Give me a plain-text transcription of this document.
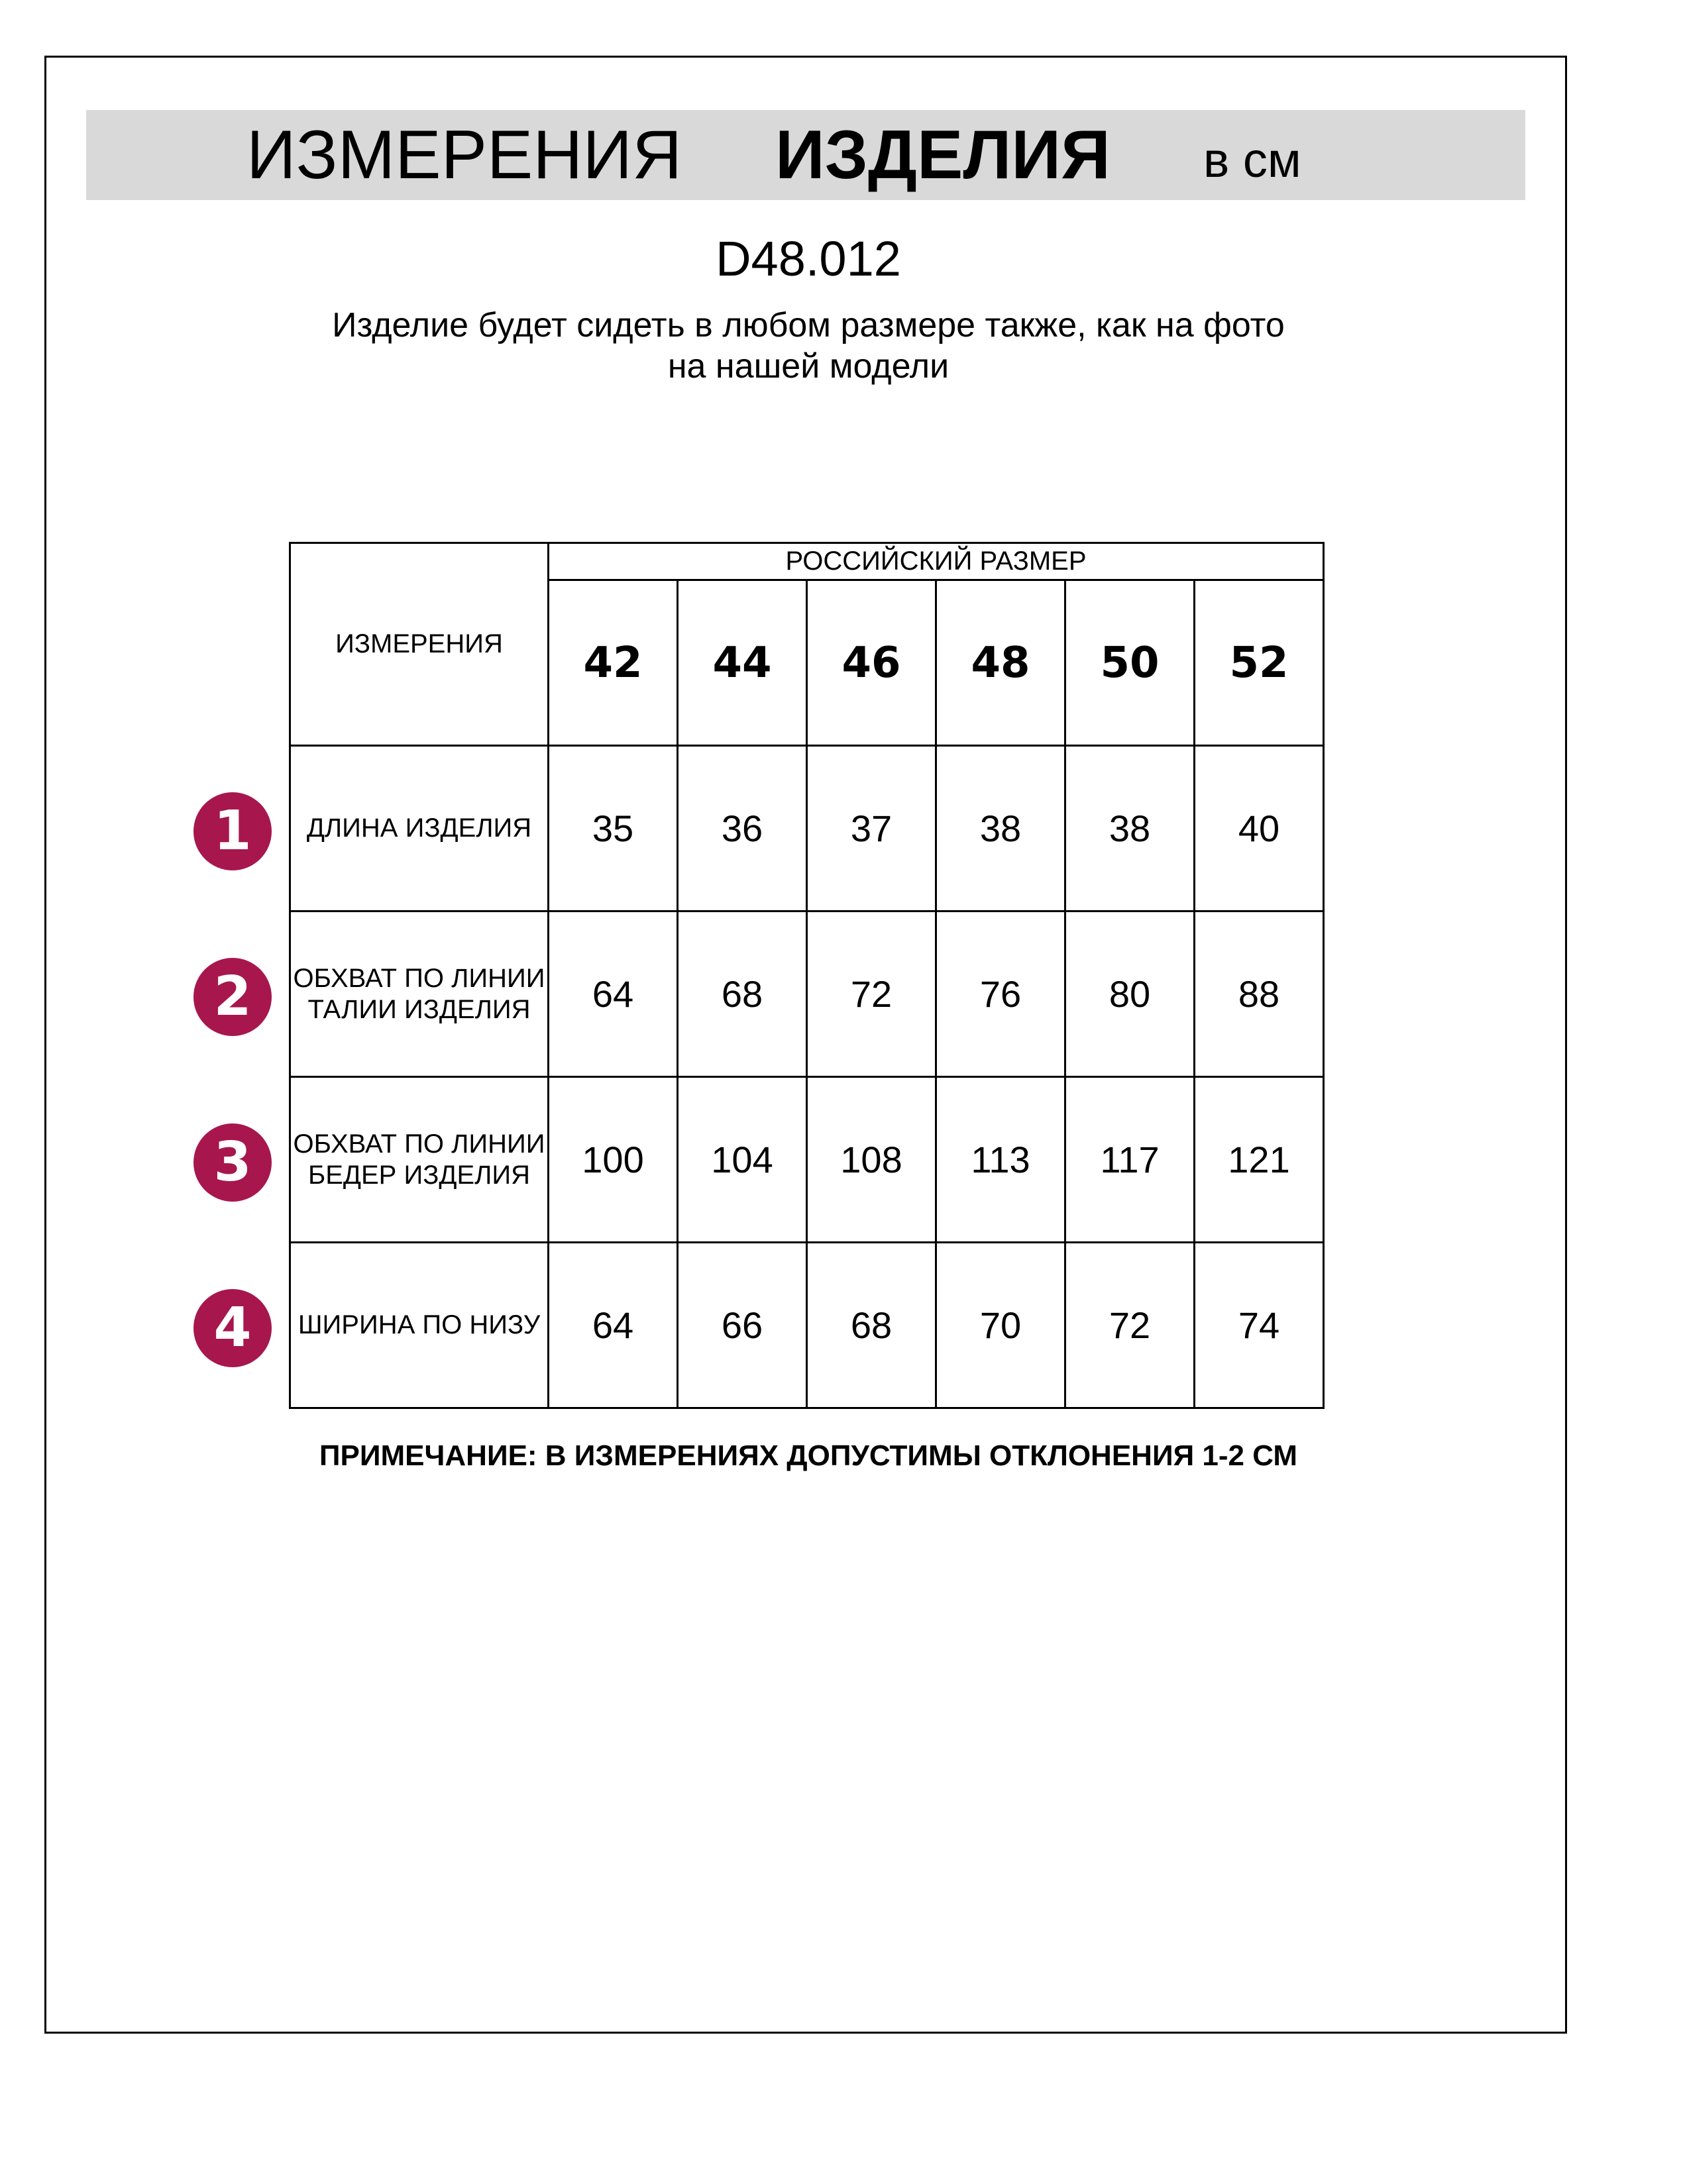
ИЗМЕРЕНИЯ ИЗДЕЛИЯ в см
D48.012
Изделие будет сидеть в любом размере также, как на фото
на нашей модели
ИЗМЕРЕНИЯ	РОССИЙСКИЙ РАЗМЕР					
	42	44	46	48	50	52
ДЛИНА ИЗДЕЛИЯ	35	36	37	38	38	40
ОБХВАТ ПО ЛИНИИ ТАЛИИ ИЗДЕЛИЯ	64	68	72	76	80	88
ОБХВАТ ПО ЛИНИИ БЕДЕР ИЗДЕЛИЯ	100	104	108	113	117	121
ШИРИНА ПО НИЗУ	64	66	68	70	72	74
1
2
3
4
ПРИМЕЧАНИЕ: В ИЗМЕРЕНИЯХ ДОПУСТИМЫ ОТКЛОНЕНИЯ 1-2 СМ
